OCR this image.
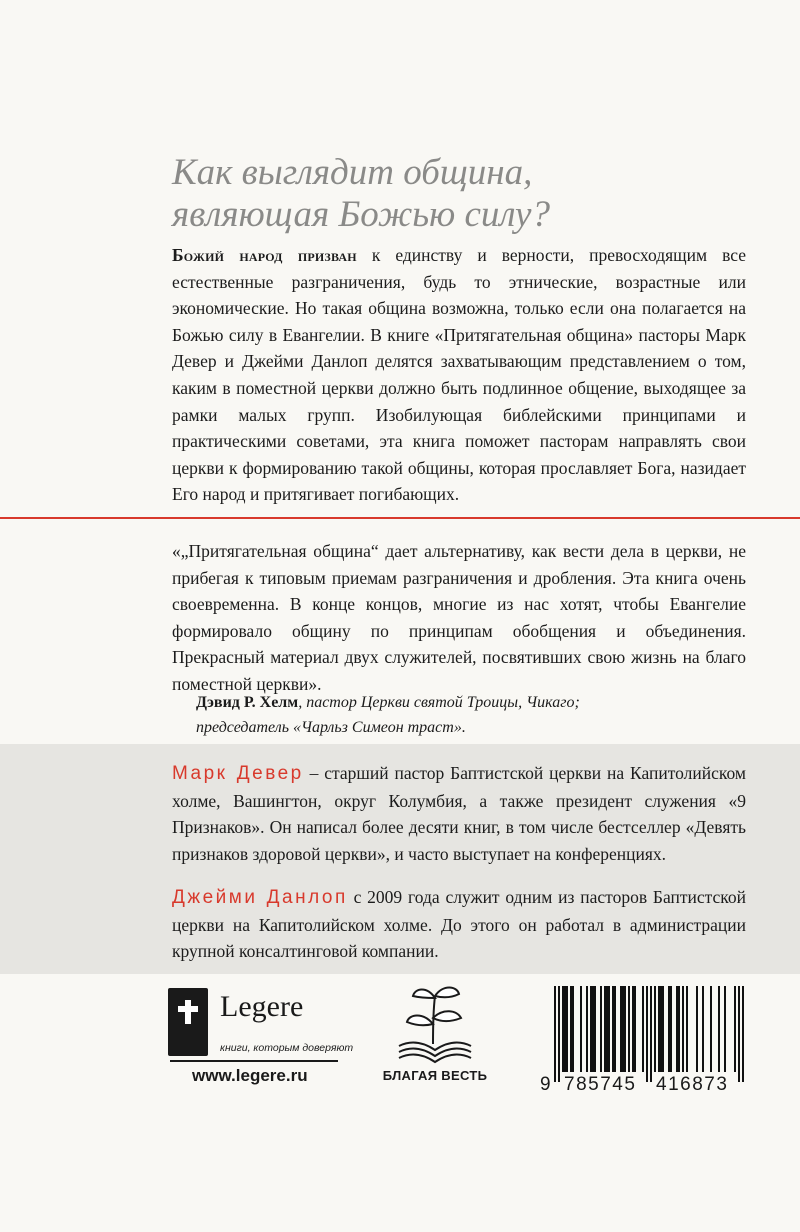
Как выглядит община,
являющая Божью силу?

Божий народ призван к единству и верности, превосходящим все естественные разграничения, будь то этнические, возрастные или экономические. Но такая община возможна, только если она полагается на Божью силу в Евангелии. В книге «Притягательная община» пасторы Марк Девер и Джейми Данлоп делятся захватывающим представлением о том, каким в поместной церкви должно быть подлинное общение, выходящее за рамки малых групп. Изобилующая библейскими принципами и практическими советами, эта книга поможет пасторам направлять свои церкви к формированию такой общины, которая прославляет Бога, назидает Его народ и притягивает погибающих.

«„Притягательная община“ дает альтернативу, как вести дела в церкви, не прибегая к типовым приемам разграничения и дробления. Эта книга очень своевременна. В конце концов, многие из нас хотят, чтобы Евангелие формировало общину по принципам обобщения и объединения. Прекрасный материал двух служителей, посвятивших свою жизнь на благо поместной церкви».

Дэвид Р. Хелм, пастор Церкви святой Троицы, Чикаго;
председатель «Чарльз Симеон траст».

Марк Девер – старший пастор Баптистской церкви на Капитолийском холме, Вашингтон, округ Колумбия, а также президент служения «9 Признаков». Он написал более десяти книг, в том числе бестселлер «Девять признаков здоровой церкви», и часто выступает на конференциях.

Джейми Данлоп с 2009 года служит одним из пасторов Баптистской церкви на Капитолийском холме. До этого он работал в администрации крупной консалтинговой компании.

Legere
книги, которым доверяют
www.legere.ru	БЛАГАЯ ВЕСТЬ	9 785745 416873
